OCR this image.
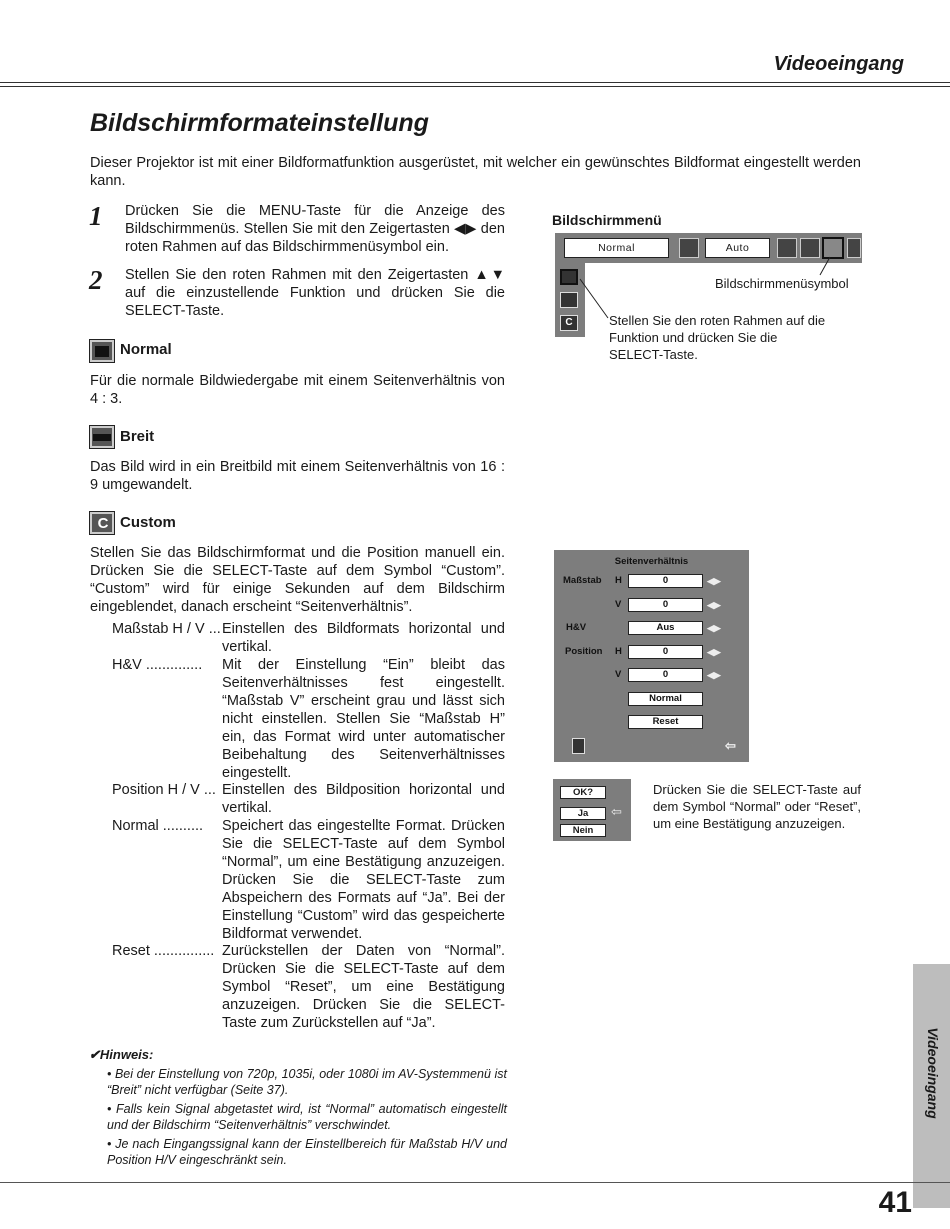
Videoeingang
Bildschirmformateinstellung
Dieser Projektor ist mit einer Bildformatfunktion ausgerüstet, mit welcher ein gewünschtes Bildformat eingestellt werden kann.
1 Drücken Sie die MENU-Taste für die Anzeige des Bildschirmmenüs. Stellen Sie mit den Zeigertasten ◀▶ den roten Rahmen auf das Bildschirmmenüsymbol ein.
2 Stellen Sie den roten Rahmen mit den Zeigertasten ▲▼ auf die einzustellende Funktion und drücken Sie die SELECT-Taste.
Normal
Für die normale Bildwiedergabe mit einem Seitenverhältnis von 4 : 3.
Breit
Das Bild wird in ein Breitbild mit einem Seitenverhältnis von 16 : 9 umgewandelt.
C Custom
Stellen Sie das Bildschirmformat und die Position manuell ein. Drücken Sie die SELECT-Taste auf dem Symbol “Custom”. “Custom” wird für einige Sekunden auf dem Bildschirm eingeblendet, danach erscheint “Seitenverhältnis”.
Maßstab H / V ... Einstellen des Bildformats horizontal und vertikal.
H&V .............. Mit der Einstellung “Ein” bleibt das Seitenverhältnisses fest eingestellt. “Maßstab V” erscheint grau und lässt sich nicht einstellen. Stellen Sie “Maßstab H” ein, das Format wird unter automatischer Beibehaltung des Seitenverhältnisses eingestellt.
Position H / V ... Einstellen des Bildposition horizontal und vertikal.
Normal .......... Speichert das eingestellte Format. Drücken Sie die SELECT-Taste auf dem Symbol “Normal”, um eine Bestätigung anzuzeigen. Drücken Sie die SELECT-Taste zum Abspeichern des Formats auf “Ja”. Bei der Einstellung “Custom” wird das gespeicherte Bildformat verwendet.
Reset ............... Zurückstellen der Daten von “Normal”. Drücken Sie die SELECT-Taste auf dem Symbol “Reset”, um eine Bestätigung anzuzeigen. Drücken Sie die SELECT-Taste zum Zurückstellen auf “Ja”.
✔Hinweis:
• Bei der Einstellung von 720p, 1035i, oder 1080i im AV-Systemmenü ist “Breit” nicht verfügbar (Seite 37).
• Falls kein Signal abgetastet wird, ist “Normal” automatisch eingestellt und der Bildschirm “Seitenverhältnis” verschwindet.
• Je nach Eingangssignal kann der Einstellbereich für Maßstab H/V und Position H/V eingeschränkt sein.
Bildschirmmenü
Normal	Auto
C
Bildschirmmenüsymbol
Stellen Sie den roten Rahmen auf die Funktion und drücken Sie die SELECT-Taste.
Seitenverhältnis
Maßstab H	0	◀▶
V	0	◀▶
H&V	Aus	◀▶
Position H	0	◀▶
V	0	◀▶
Normal
Reset
⇦
OK?
Ja
Nein
⇦
Drücken Sie die SELECT-Taste auf dem Symbol “Normal” oder “Reset”, um eine Bestätigung anzuzeigen.
Videoeingang
41
